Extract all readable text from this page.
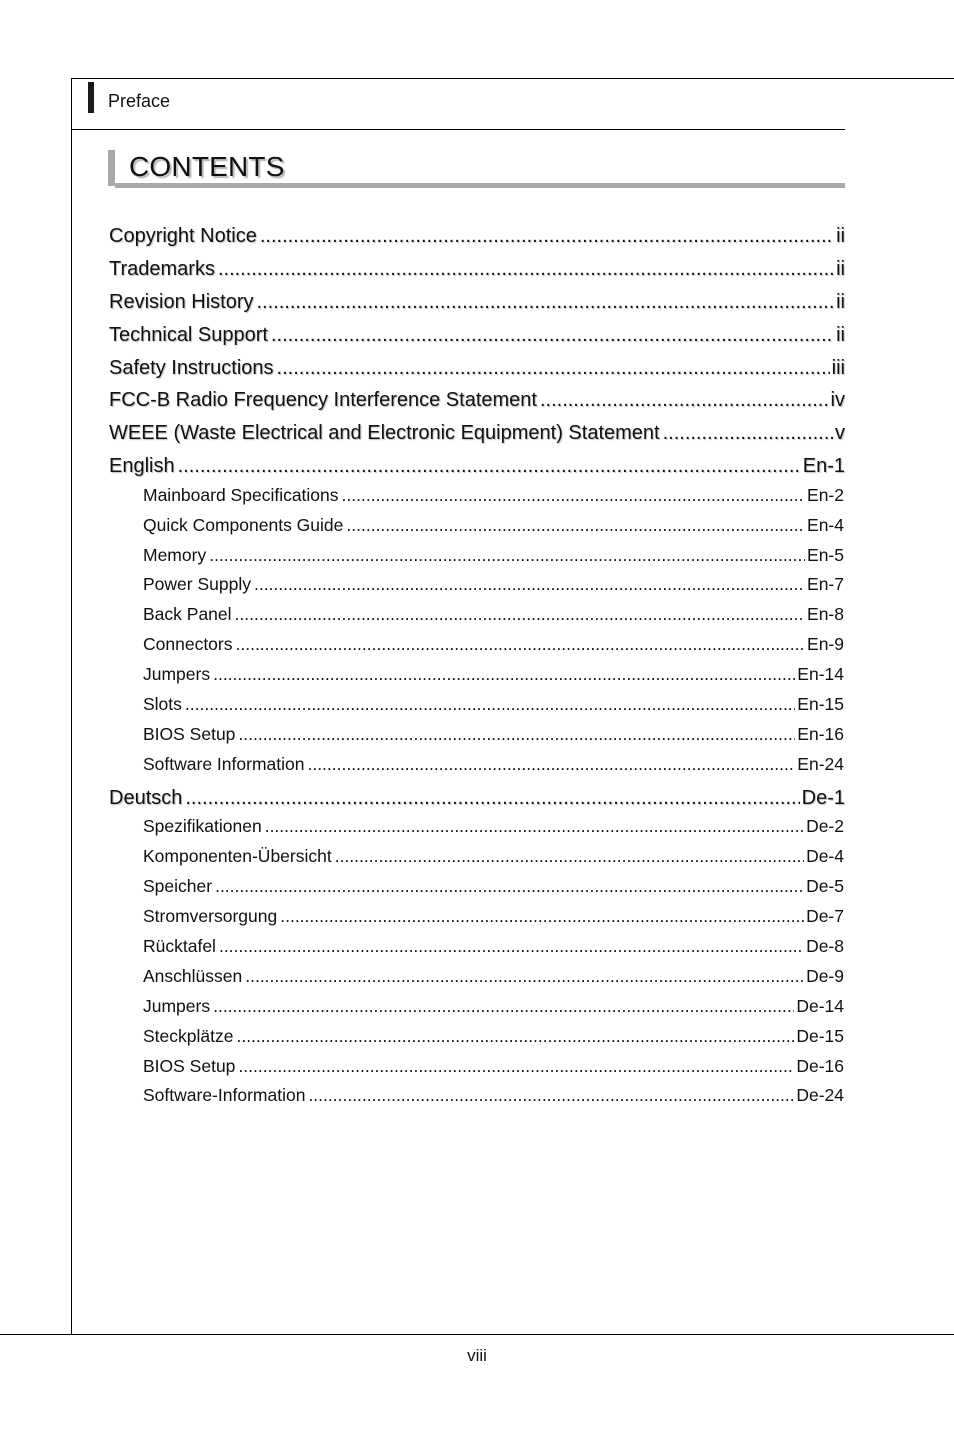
Preface
CONTENTS
Copyright Notice .....	ii
Trademarks .....	ii
Revision History .....	ii
Technical Support .....	ii
Safety Instructions .....	iii
FCC-B Radio Frequency Interference Statement .....	iv
WEEE (Waste Electrical and Electronic Equipment) Statement .....	v
English .....	En-1
Mainboard Specifications .....	En-2
Quick Components Guide .....	En-4
Memory .....	En-5
Power Supply .....	En-7
Back Panel .....	En-8
Connectors .....	En-9
Jumpers .....	En-14
Slots .....	En-15
BIOS Setup .....	En-16
Software Information .....	En-24
Deutsch .....	De-1
Spezifikationen .....	De-2
Komponenten-Übersicht .....	De-4
Speicher .....	De-5
Stromversorgung .....	De-7
Rücktafel .....	De-8
Anschlüssen .....	De-9
Jumpers .....	De-14
Steckplätze .....	De-15
BIOS Setup .....	De-16
Software-Information .....	De-24
viii
